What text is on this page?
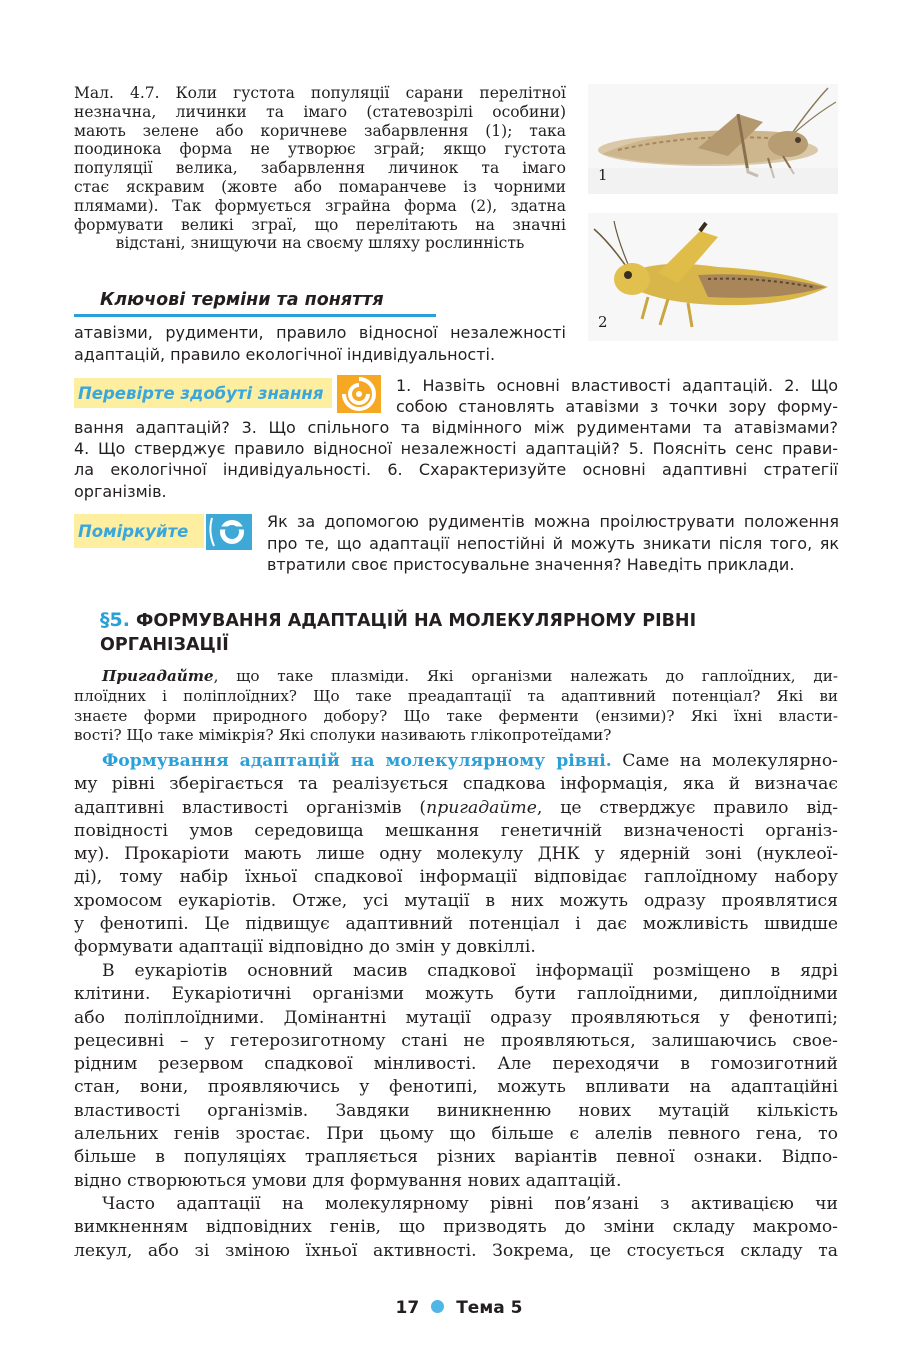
Мал. 4.7. Коли густота популяції сарани перелітної
незначна, личинки та імаго (статевозрілі особини)
мають зелене або коричневе забарвлення (1); така
поодинока форма не утворює зграй; якщо густота
популяції велика, забарвлення личинок та імаго
стає яскравим (жовте або помаранчеве із чорними
плямами). Так формується зграйна форма (2), здатна
формувати великі зграї, що перелітають на значні
відстані, знищуючи на своєму шляху рослинність
1
2
Ключові терміни та поняття
атавізми, рудименти, правило відносної незалежності
адаптацій, правило екологічної індивідуальності.
Перевірте здобуті знання	1. Назвіть основні властивості адаптацій. 2. Що
собою становлять атавізми з точки зору форму-
вання адаптацій? 3. Що спільного та відмінного між рудиментами та атавізмами?
4. Що стверджує правило відносної незалежності адаптацій? 5. Поясніть сенс прави-
ла екологічної індивідуальності. 6. Схарактеризуйте основні адаптивні стратегії
організмів.
Поміркуйте	Як за допомогою рудиментів можна проілюструвати положення
про те, що адаптації непостійні й можуть зникати після того, як
втратили своє пристосувальне значення? Наведіть приклади.
§5. ФОРМУВАННЯ АДАПТАЦІЙ НА МОЛЕКУЛЯРНОМУ РІВНІ
ОРГАНІЗАЦІЇ
Пригадайте, що таке плазміди. Які організми належать до гаплоїдних, ди-
плоїдних і поліплоїдних? Що таке преадаптації та адаптивний потенціал? Які ви
знаєте форми природного добору? Що таке ферменти (ензими)? Які їхні власти-
вості? Що таке мімікрія? Які сполуки називають глікопротеїдами?
Формування адаптацій на молекулярному рівні. Саме на молекулярно-
му рівні зберігається та реалізується спадкова інформація, яка й визначає
адаптивні властивості організмів (пригадайте, це стверджує правило від-
повідності умов середовища мешкання генетичній визначеності організ-
му). Прокаріоти мають лише одну молекулу ДНК у ядерній зоні (нуклеої-
ді), тому набір їхньої спадкової інформації відповідає гаплоїдному набору
хромосом еукаріотів. Отже, усі мутації в них можуть одразу проявлятися
у фенотипі. Це підвищує адаптивний потенціал і дає можливість швидше
формувати адаптації відповідно до змін у довкіллі.
В еукаріотів основний масив спадкової інформації розміщено в ядрі
клітини. Еукаріотичні організми можуть бути гаплоїдними, диплоїдними
або поліплоїдними. Домінантні мутації одразу проявляються у фенотипі;
рецесивні – у гетерозиготному стані не проявляються, залишаючись свое-
рідним резервом спадкової мінливості. Але переходячи в гомозиготний
стан, вони, проявляючись у фенотипі, можуть впливати на адаптаційні
властивості організмів. Завдяки виникненню нових мутацій кількість
алельних генів зростає. При цьому що більше є алелів певного гена, то
більше в популяціях трапляється різних варіантів певної ознаки. Відпо-
відно створюються умови для формування нових адаптацій.
Часто адаптації на молекулярному рівні пов’язані з активацією чи
вимкненням відповідних генів, що призводять до зміни складу макромо-
лекул, або зі зміною їхньої активності. Зокрема, це стосується складу та
17 Тема 5
